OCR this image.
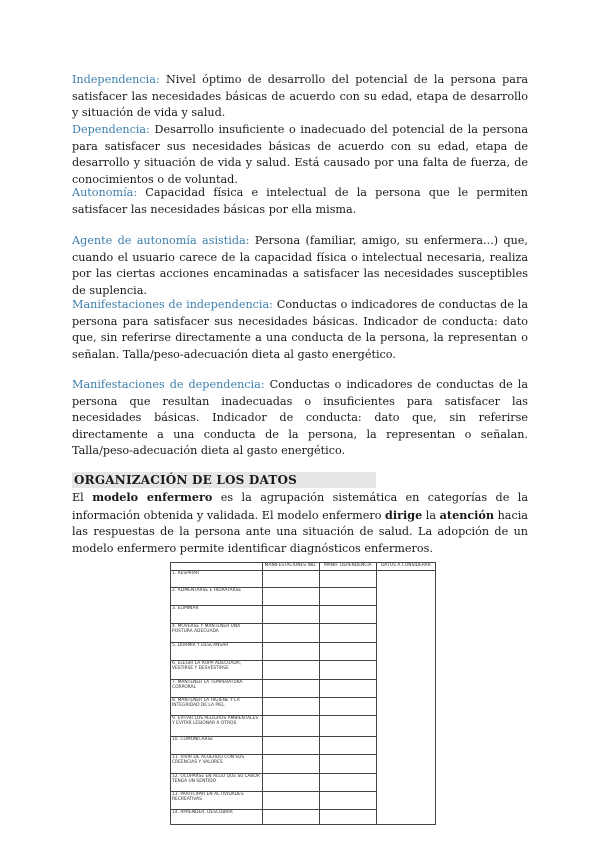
Independencia: Nivel óptimo de desarrollo del potencial de la persona para satisfacer las necesidades básicas de acuerdo con su edad, etapa de desarrollo y situación de vida y salud.

Dependencia: Desarrollo insuficiente o inadecuado del potencial de la persona para satisfacer sus necesidades básicas de acuerdo con su edad, etapa de desarrollo y situación de vida y salud. Está causado por una falta de fuerza, de conocimientos o de voluntad.

Autonomía: Capacidad física e intelectual de la persona que le permiten satisfacer las necesidades básicas por ella misma.

Agente de autonomía asistida: Persona (familiar, amigo, su enfermera...) que, cuando el usuario carece de la capacidad física o intelectual necesaria, realiza por las ciertas acciones encaminadas a satisfacer las necesidades susceptibles de suplencia.

Manifestaciones de independencia: Conductas o indicadores de conductas de la persona para satisfacer sus necesidades básicas. Indicador de conducta: dato que, sin referirse directamente a una conducta de la persona, la representan o señalan. Talla/peso-adecuación dieta al gasto energético.

Manifestaciones de dependencia: Conductas o indicadores de conductas de la persona que resultan inadecuadas o insuficientes para satisfacer las necesidades básicas. Indicador de conducta: dato que, sin referirse directamente a una conducta de la persona, la representan o señalan. Talla/peso-adecuación dieta al gasto energético.

ORGANIZACIÓN DE LOS DATOS

El modelo enfermero es la agrupación sistemática en categorías de la información obtenida y validada. El modelo enfermero dirige la atención hacia las respuestas de la persona ante una situación de salud. La adopción de un modelo enfermero permite identificar diagnósticos enfermeros.

	MANIFESTACIONES IND.	MANIF. DEPENDENCIA	DATOS A CONSIDERAR
1. RESPIRAR			
2. ALIMENTARSE E HIDRATARSE			
3. ELIMINAR			
4. MOVERSE Y MANTENER UNA POSTURA ADECUADA			
5. DORMIR Y DESCANSAR			
6. ELEGIR LA ROPA ADECUADA, VESTIRSE Y DESVESTIRSE			
7. MANTENER LA TEMPERATURA CORPORAL			
8. MANTENER LA HIGIENE Y LA INTEGRIDAD DE LA PIEL			
9. EVITAR LOS PELIGROS AMBIENTALES Y EVITAR LESIONAR A OTROS			
10. COMUNICARSE			
11. VIVIR DE ACUERDO CON SUS CREENCIAS Y VALORES			
12. OCUPARSE EN ALGO QUE SU LABOR TENGA UN SENTIDO			
13. PARTICIPAR EN ACTIVIDADES RECREATIVAS			
14. APRENDER, DESCUBRIR			
